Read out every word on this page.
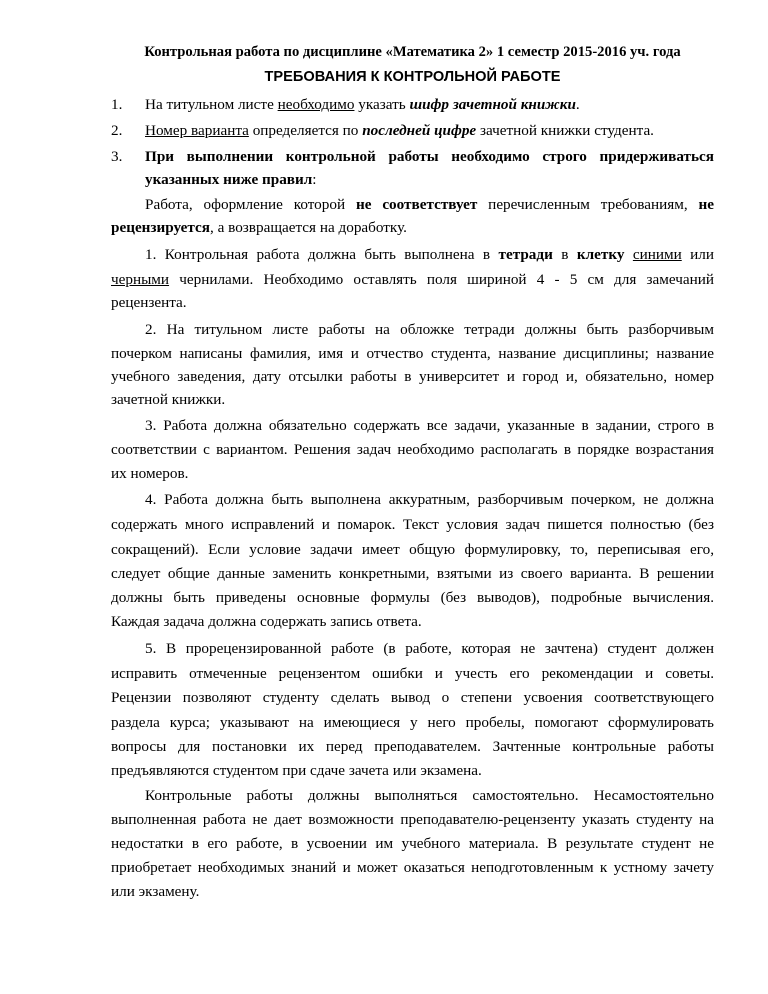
Контрольная работа по дисциплине «Математика 2» 1 семестр 2015-2016 уч. года
ТРЕБОВАНИЯ К КОНТРОЛЬНОЙ РАБОТЕ
1. На титульном листе необходимо указать шифр зачетной книжки.
2. Номер варианта определяется по последней цифре зачетной книжки студента.
3. При выполнении контрольной работы необходимо строго придерживаться
указанных ниже правил:
Работа, оформление которой не соответствует перечисленным требованиям, не
рецензируется, а возвращается на доработку.
1. Контрольная работа должна быть выполнена в тетради в клетку синими или
черными чернилами. Необходимо оставлять поля шириной 4 - 5 см для замечаний
рецензента.
2. На титульном листе работы на обложке тетради должны быть разборчивым
почерком написаны фамилия, имя и отчество студента, название дисциплины; название
учебного заведения, дату отсылки работы в университет и город и, обязательно, номер
зачетной книжки.
3. Работа должна обязательно содержать все задачи, указанные в задании, строго в
соответствии с вариантом. Решения задач необходимо располагать в порядке возрастания
их номеров.
4. Работа должна быть выполнена аккуратным, разборчивым почерком, не должна
содержать много исправлений и помарок. Текст условия задач пишется полностью (без
сокращений). Если условие задачи имеет общую формулировку, то, переписывая его,
следует общие данные заменить конкретными, взятыми из своего варианта. В решении
должны быть приведены основные формулы (без выводов), подробные вычисления.
Каждая задача должна содержать запись ответа.
5. В прорецензированной работе (в работе, которая не зачтена) студент должен
исправить отмеченные рецензентом ошибки и учесть его рекомендации и советы.
Рецензии позволяют студенту сделать вывод о степени усвоения соответствующего
раздела курса; указывают на имеющиеся у него пробелы, помогают сформулировать
вопросы для постановки их перед преподавателем. Зачтенные контрольные работы
предъявляются студентом при сдаче зачета или экзамена.
Контрольные работы должны выполняться самостоятельно. Несамостоятельно
выполненная работа не дает возможности преподавателю-рецензенту указать студенту на
недостатки в его работе, в усвоении им учебного материала. В результате студент не
приобретает необходимых знаний и может оказаться неподготовленным к устному зачету
или экзамену.
